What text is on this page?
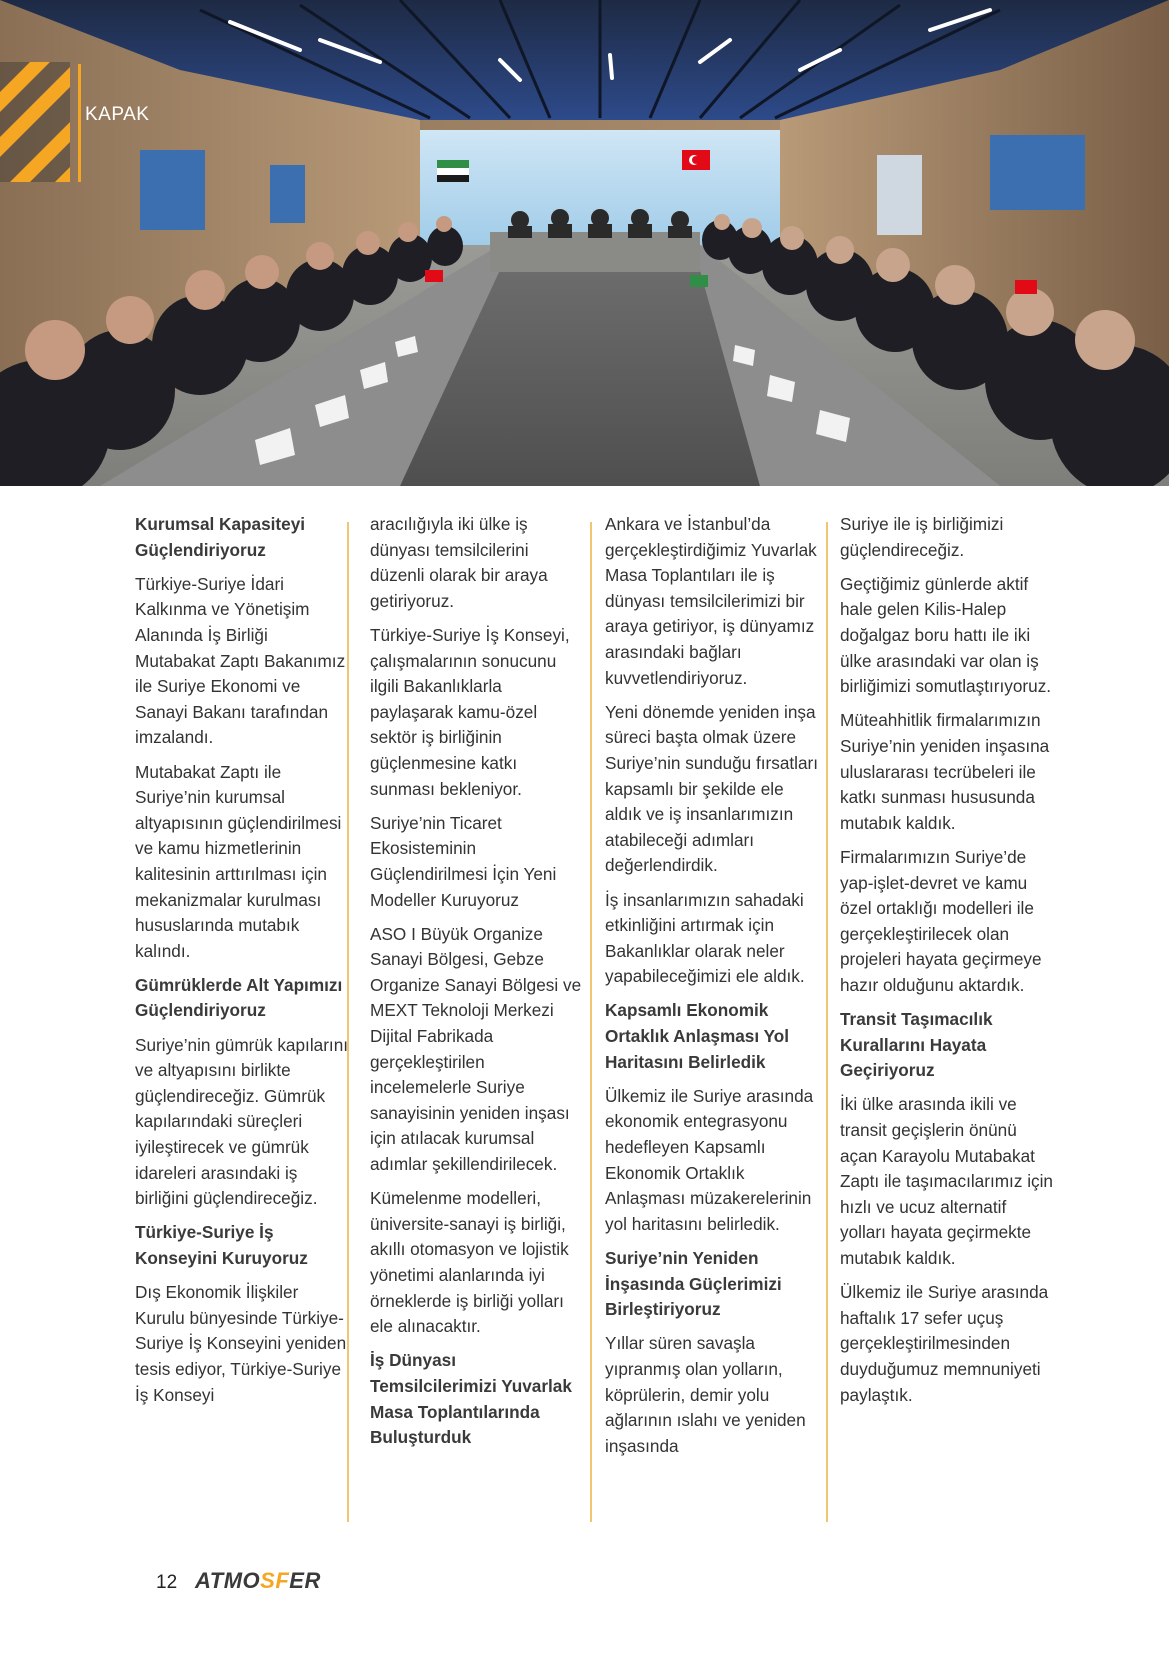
KAPAK
Kurumsal Kapasiteyi Güçlendiriyoruz

Türkiye-Suriye İdari Kalkınma ve Yönetişim Alanında İş Birliği Mutabakat Zaptı Bakanımız ile Suriye Ekonomi ve Sanayi Bakanı tarafından imzalandı.

Mutabakat Zaptı ile Suriye’nin kurumsal altyapısının güçlendirilmesi ve kamu hizmetlerinin kalitesinin arttırılması için mekanizmalar kurulması hususlarında mutabık kalındı.

Gümrüklerde Alt Yapımızı Güçlendiriyoruz

Suriye’nin gümrük kapılarını ve altyapısını birlikte güçlendireceğiz. Gümrük kapılarındaki süreçleri iyileştirecek ve gümrük idareleri arasındaki iş birliğini güçlendireceğiz.

Türkiye-Suriye İş Konseyini Kuruyoruz

Dış Ekonomik İlişkiler Kurulu bünyesinde Türkiye-Suriye İş Konseyini yeniden tesis ediyor, Türkiye-Suriye İş Konseyi

aracılığıyla iki ülke iş dünyası temsilcilerini düzenli olarak bir araya getiriyoruz.

Türkiye-Suriye İş Konseyi, çalışmalarının sonucunu ilgili Bakanlıklarla paylaşarak kamu-özel sektör iş birliğinin güçlenmesine katkı sunması bekleniyor.

Suriye’nin Ticaret Ekosisteminin Güçlendirilmesi İçin Yeni Modeller Kuruyoruz

ASO I Büyük Organize Sanayi Bölgesi, Gebze Organize Sanayi Bölgesi ve MEXT Teknoloji Merkezi Dijital Fabrikada gerçekleştirilen incelemelerle Suriye sanayisinin yeniden inşası için atılacak kurumsal adımlar şekillendirilecek.

Kümelenme modelleri, üniversite-sanayi iş birliği, akıllı otomasyon ve lojistik yönetimi alanlarında iyi örneklerde iş birliği yolları ele alınacaktır.

İş Dünyası Temsilcilerimizi Yuvarlak Masa Toplantılarında Buluşturduk

Ankara ve İstanbul’da gerçekleştirdiğimiz Yuvarlak Masa Toplantıları ile iş dünyası temsilcilerimizi bir araya getiriyor, iş dünyamız arasındaki bağları kuvvetlendiriyoruz.

Yeni dönemde yeniden inşa süreci başta olmak üzere Suriye’nin sunduğu fırsatları kapsamlı bir şekilde ele aldık ve iş insanlarımızın atabileceği adımları değerlendirdik.

İş insanlarımızın sahadaki etkinliğini artırmak için Bakanlıklar olarak neler yapabileceğimizi ele aldık.

Kapsamlı Ekonomik Ortaklık Anlaşması Yol Haritasını Belirledik

Ülkemiz ile Suriye arasında ekonomik entegrasyonu hedefleyen Kapsamlı Ekonomik Ortaklık Anlaşması müzakerelerinin yol haritasını belirledik.

Suriye’nin Yeniden İnşasında Güçlerimizi Birleştiriyoruz

Yıllar süren savaşla yıpranmış olan yolların, köprülerin, demir yolu ağlarının ıslahı ve yeniden inşasında

Suriye ile iş birliğimizi güçlendireceğiz.

Geçtiğimiz günlerde aktif hale gelen Kilis-Halep doğalgaz boru hattı ile iki ülke arasındaki var olan iş birliğimizi somutlaştırıyoruz.

Müteahhitlik firmalarımızın Suriye’nin yeniden inşasına uluslararası tecrübeleri ile katkı sunması hususunda mutabık kaldık.

Firmalarımızın Suriye’de yap-işlet-devret ve kamu özel ortaklığı modelleri ile gerçekleştirilecek olan projeleri hayata geçirmeye hazır olduğunu aktardık.

Transit Taşımacılık Kurallarını Hayata Geçiriyoruz

İki ülke arasında ikili ve transit geçişlerin önünü açan Karayolu Mutabakat Zaptı ile taşımacılarımız için hızlı ve ucuz alternatif yolları hayata geçirmekte mutabık kaldık.

Ülkemiz ile Suriye arasında haftalık 17 sefer uçuş gerçekleştirilmesinden duyduğumuz memnuniyeti paylaştık.

12 ATMOSFER
